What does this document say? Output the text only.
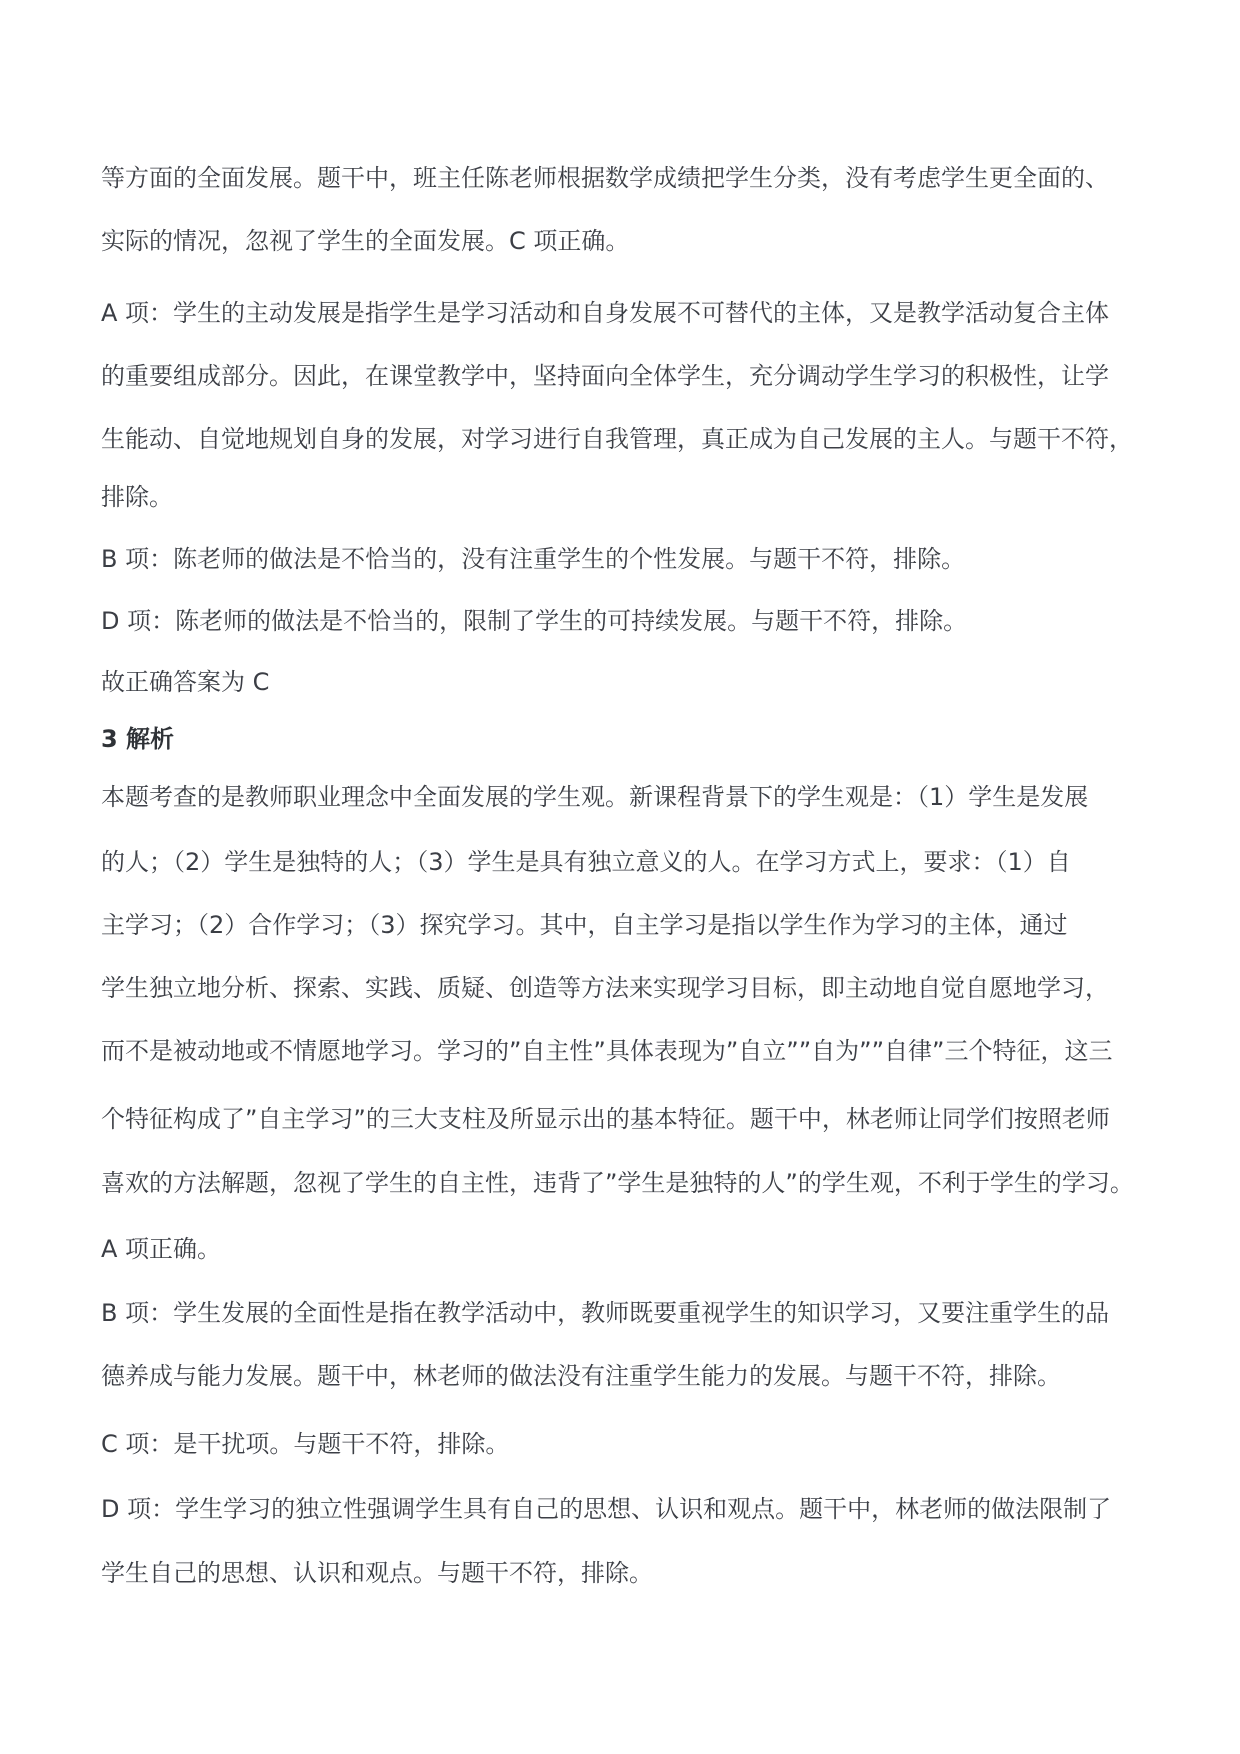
等方面的全面发展。题干中，班主任陈老师根据数学成绩把学生分类，没有考虑学生更全面的、
实际的情况，忽视了学生的全面发展。C 项正确。
A 项：学生的主动发展是指学生是学习活动和自身发展不可替代的主体，又是教学活动复合主体
的重要组成部分。因此，在课堂教学中，坚持面向全体学生，充分调动学生学习的积极性，让学
生能动、自觉地规划自身的发展，对学习进行自我管理，真正成为自己发展的主人。与题干不符，
排除。
B 项：陈老师的做法是不恰当的，没有注重学生的个性发展。与题干不符，排除。
D 项：陈老师的做法是不恰当的，限制了学生的可持续发展。与题干不符，排除。
故正确答案为 C
3 解析
本题考查的是教师职业理念中全面发展的学生观。新课程背景下的学生观是：（1）学生是发展
的人；（2）学生是独特的人；（3）学生是具有独立意义的人。在学习方式上，要求：（1）自
主学习；（2）合作学习；（3）探究学习。其中，自主学习是指以学生作为学习的主体，通过
学生独立地分析、探索、实践、质疑、创造等方法来实现学习目标，即主动地自觉自愿地学习，
而不是被动地或不情愿地学习。学习的”自主性”具体表现为”自立””自为””自律”三个特征，这三
个特征构成了”自主学习”的三大支柱及所显示出的基本特征。题干中，林老师让同学们按照老师
喜欢的方法解题，忽视了学生的自主性，违背了”学生是独特的人”的学生观，不利于学生的学习。
A 项正确。
B 项：学生发展的全面性是指在教学活动中，教师既要重视学生的知识学习，又要注重学生的品
德养成与能力发展。题干中，林老师的做法没有注重学生能力的发展。与题干不符，排除。
C 项：是干扰项。与题干不符，排除。
D 项：学生学习的独立性强调学生具有自己的思想、认识和观点。题干中，林老师的做法限制了
学生自己的思想、认识和观点。与题干不符，排除。
